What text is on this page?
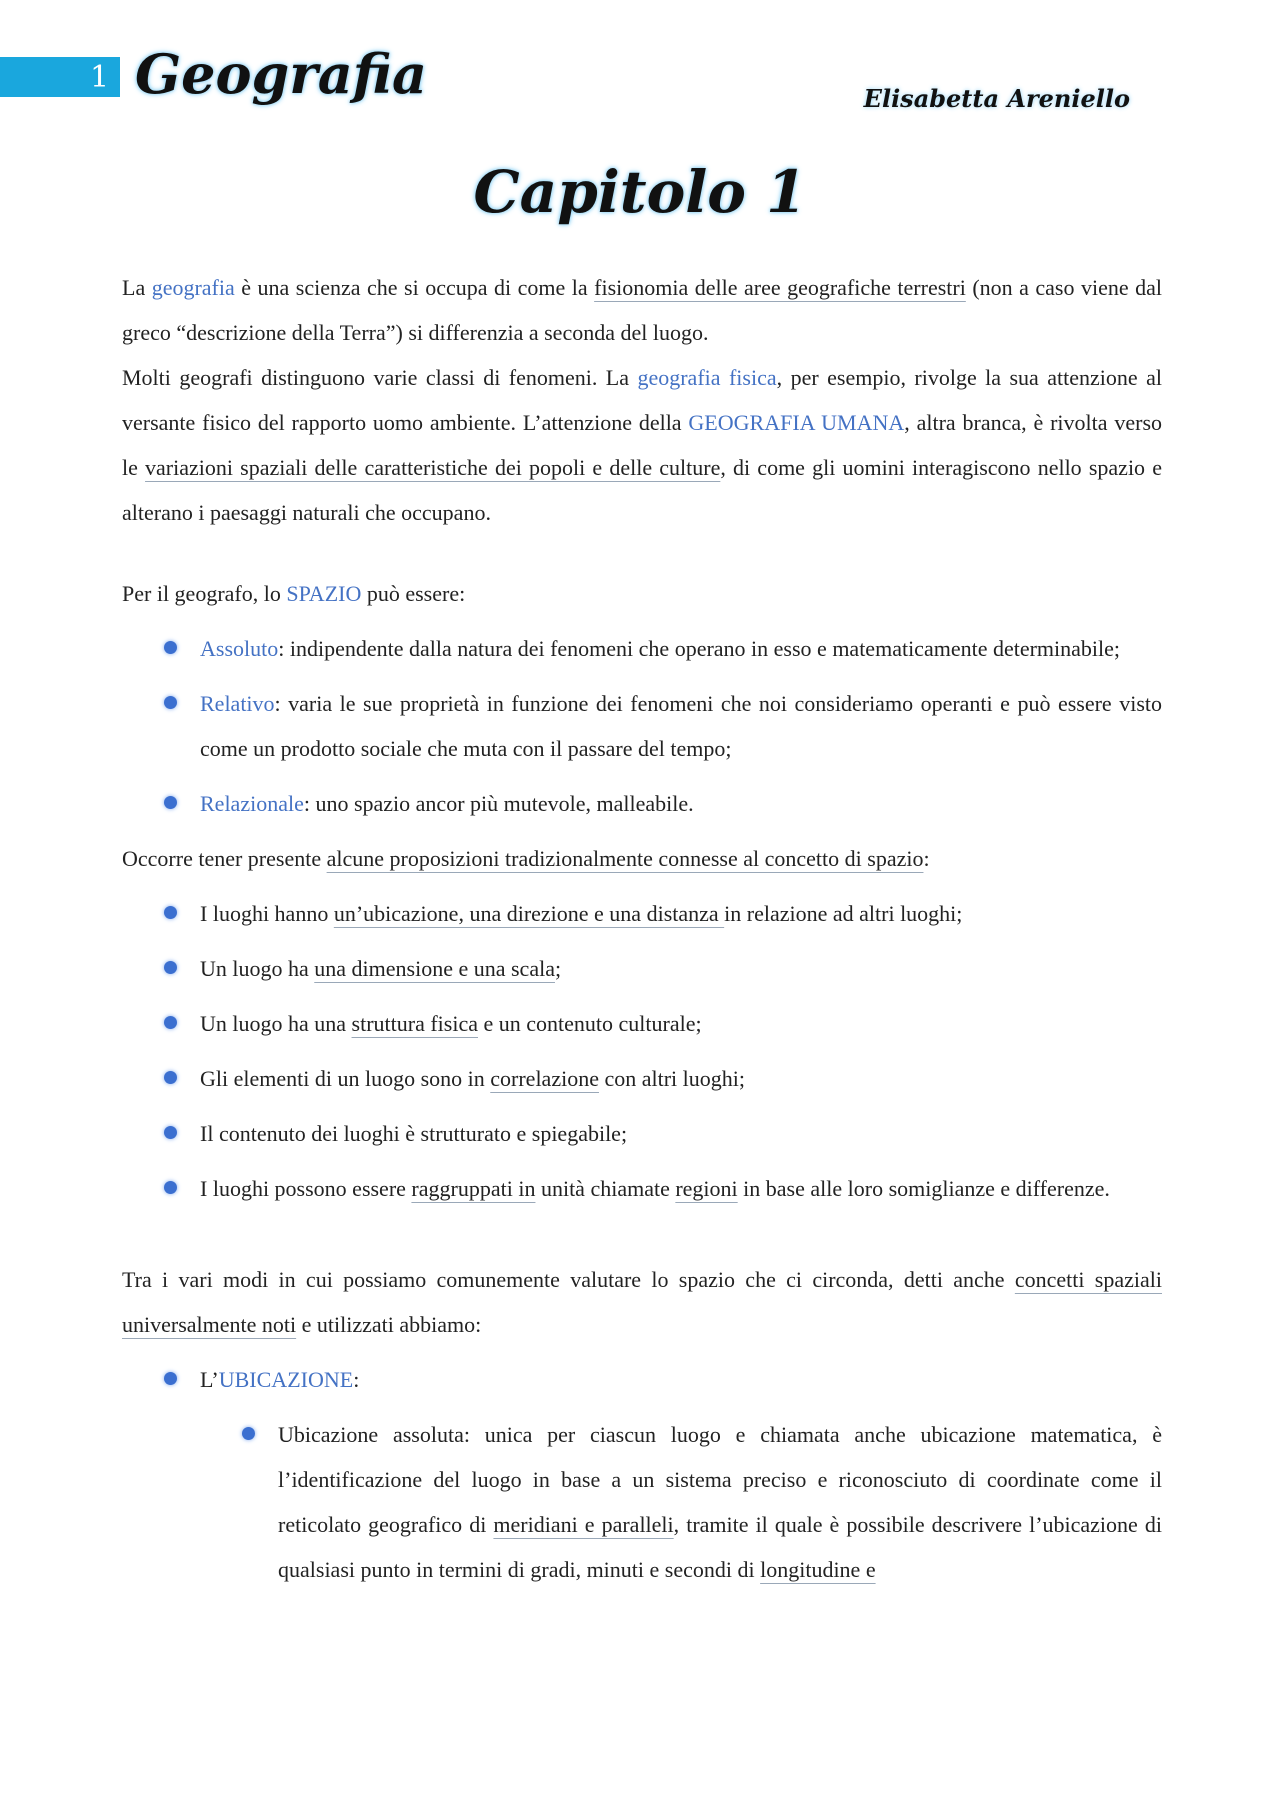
1 Geografia	Elisabetta Areniello
Capitolo 1

La geografia è una scienza che si occupa di come la fisionomia delle aree geografiche terrestri (non a caso viene dal greco “descrizione della Terra”) si differenzia a seconda del luogo.

Molti geografi distinguono varie classi di fenomeni. La geografia fisica, per esempio, rivolge la sua attenzione al versante fisico del rapporto uomo ambiente. L’attenzione della GEOGRAFIA UMANA, altra branca, è rivolta verso le variazioni spaziali delle caratteristiche dei popoli e delle culture, di come gli uomini interagiscono nello spazio e alterano i paesaggi naturali che occupano.

Per il geografo, lo SPAZIO può essere:

Assoluto: indipendente dalla natura dei fenomeni che operano in esso e matematicamente determinabile;
Relativo: varia le sue proprietà in funzione dei fenomeni che noi consideriamo operanti e può essere visto come un prodotto sociale che muta con il passare del tempo;
Relazionale: uno spazio ancor più mutevole, malleabile.

Occorre tener presente alcune proposizioni tradizionalmente connesse al concetto di spazio:

I luoghi hanno un’ubicazione, una direzione e una distanza in relazione ad altri luoghi;
Un luogo ha una dimensione e una scala;
Un luogo ha una struttura fisica e un contenuto culturale;
Gli elementi di un luogo sono in correlazione con altri luoghi;
Il contenuto dei luoghi è strutturato e spiegabile;
I luoghi possono essere raggruppati in unità chiamate regioni in base alle loro somiglianze e differenze.

Tra i vari modi in cui possiamo comunemente valutare lo spazio che ci circonda, detti anche concetti spaziali universalmente noti e utilizzati abbiamo:

L’UBICAZIONE:
Ubicazione assoluta: unica per ciascun luogo e chiamata anche ubicazione matematica, è l’identificazione del luogo in base a un sistema preciso e riconosciuto di coordinate come il reticolato geografico di meridiani e paralleli, tramite il quale è possibile descrivere l’ubicazione di qualsiasi punto in termini di gradi, minuti e secondi di longitudine e
